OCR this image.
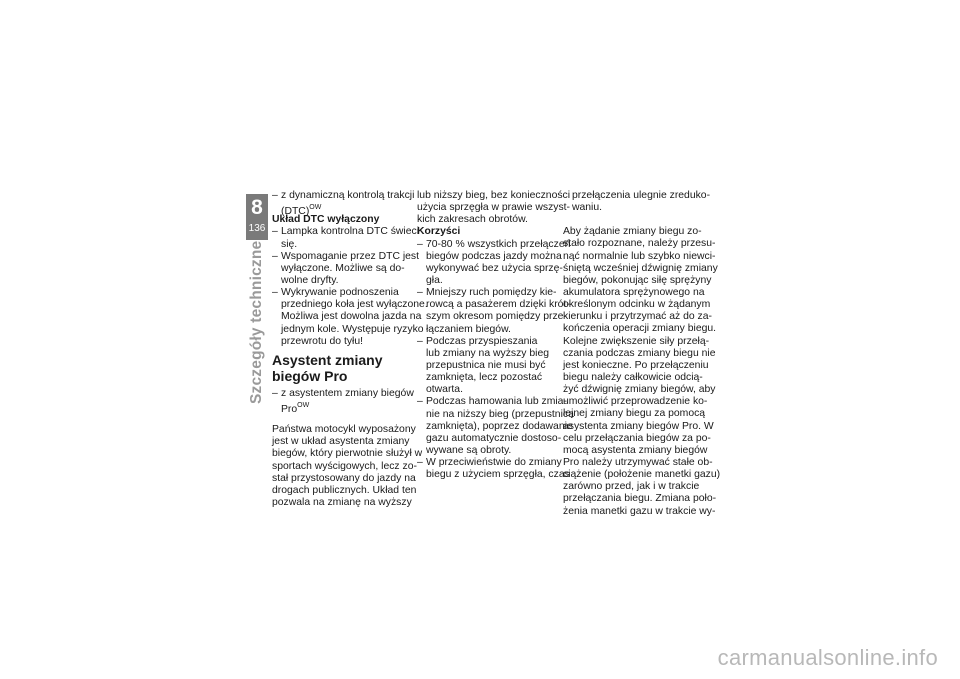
8
136
Szczegóły techniczne
– z dynamiczną kontrolą trakcji
(DTC)$^{OW}$
Układ DTC wyłączony
– Lampka kontrolna DTC świeci
się.
– Wspomaganie przez DTC jest
wyłączone. Możliwe są do-
wolne dryfty.
– Wykrywanie podnoszenia
przedniego koła jest wyłączone.
Możliwa jest dowolna jazda na
jednym kole. Występuje ryzyko
przewrotu do tyłu!
Asystent zmiany
biegów Pro
– z asystentem zmiany biegów
Pro$^{OW}$
Państwa motocykl wyposażony
jest w układ asystenta zmiany
biegów, który pierwotnie służył w
sportach wyścigowych, lecz zo-
stał przystosowany do jazdy na
drogach publicznych. Układ ten
pozwala na zmianę na wyższy
lub niższy bieg, bez konieczności
użycia sprzęgła w prawie wszyst-
kich zakresach obrotów.
Korzyści
– 70-80 % wszystkich przełączeń
biegów podczas jazdy można
wykonywać bez użycia sprzę-
gła.
– Mniejszy ruch pomiędzy kie-
rowcą a pasażerem dzięki krót-
szym okresom pomiędzy prze-
łączaniem biegów.
– Podczas przyspieszania
lub zmiany na wyższy bieg
przepustnica nie musi być
zamknięta, lecz pozostać
otwarta.
– Podczas hamowania lub zmia-
nie na niższy bieg (przepustnica
zamknięta), poprzez dodawanie
gazu automatycznie dostoso-
wywane są obroty.
– W przeciwieństwie do zmiany
biegu z użyciem sprzęgła, czas
przełączenia ulegnie zreduko-
waniu.
Aby żądanie zmiany biegu zo-
stało rozpoznane, należy przesu-
nąć normalnie lub szybko niewci-
śniętą wcześniej dźwignię zmiany
biegów, pokonując siłę sprężyny
akumulatora sprężynowego na
określonym odcinku w żądanym
kierunku i przytrzymać aż do za-
kończenia operacji zmiany biegu.
Kolejne zwiększenie siły przełą-
czania podczas zmiany biegu nie
jest konieczne. Po przełączeniu
biegu należy całkowicie odcią-
żyć dźwignię zmiany biegów, aby
umożliwić przeprowadzenie ko-
lejnej zmiany biegu za pomocą
asystenta zmiany biegów Pro. W
celu przełączania biegów za po-
mocą asystenta zmiany biegów
Pro należy utrzymywać stałe ob-
ciążenie (położenie manetki gazu)
zarówno przed, jak i w trakcie
przełączania biegu. Zmiana poło-
żenia manetki gazu w trakcie wy-
carmanualsonline.info
